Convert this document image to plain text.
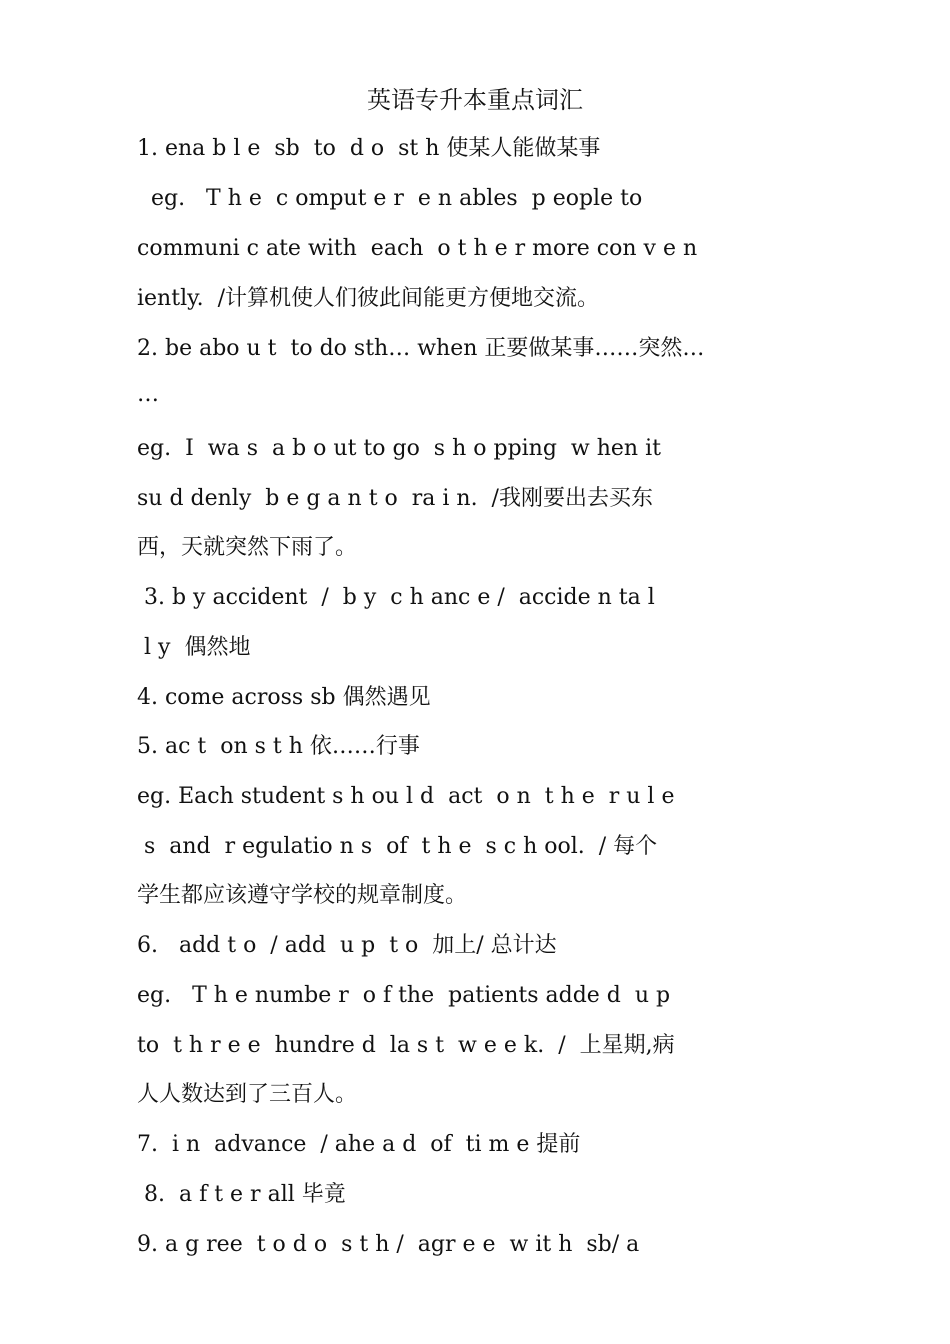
英语专升本重点词汇
1. ena b l e  sb  to  d o  st h 使某人能做某事
eg.   T h e  c omput e r  e n ables  p eople to
communi c ate with  each  o t h e r more con v e n
iently.  /计算机使人们彼此间能更方便地交流。
2. be abo u t  to do sth… when 正要做某事……突然…
…
eg.  I  wa s  a b o ut to go  s h o pping  w hen it
su d denly  b e g a n t o  ra i n.  /我刚要出去买东
西，天就突然下雨了。
3. b y accident  /  b y  c h anc e /  accide n ta l
l y  偶然地
4. come across sb 偶然遇见
5. ac t  on s t h 依……行事
eg. Each student s h ou l d  act  o n  t h e  r u l e
s  and  r egulatio n s  of  t h e  s c h ool.  / 每个
学生都应该遵守学校的规章制度。
6.   add t o  / add  u p  t o  加上/ 总计达
eg.   T h e numbe r  o f the  patients adde d  u p
to  t h r e e  hundre d  la s t  w e e k.  /  上星期,病
人人数达到了三百人。
7.  i n  advance  / ahe a d  of  ti m e 提前
8.  a f t e r all 毕竟
9. a g ree  t o d o  s t h /  agr e e  w it h  sb/ a
